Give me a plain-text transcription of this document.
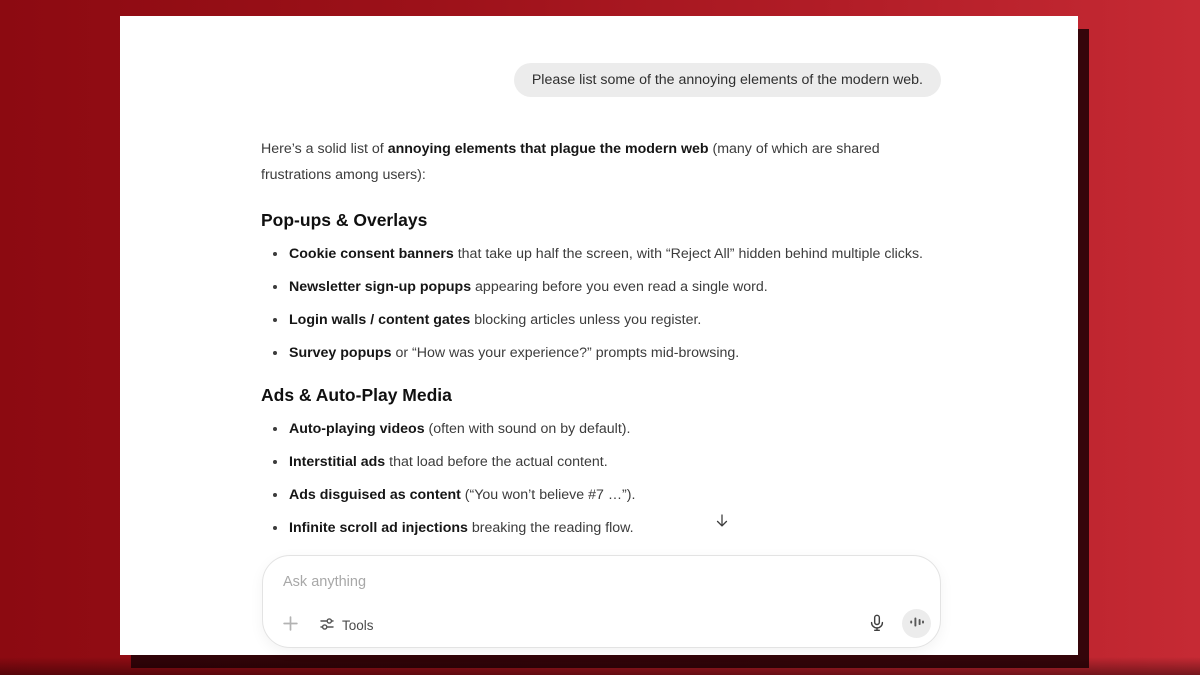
Please list some of the annoying elements of the modern web.

Here’s a solid list of annoying elements that plague the modern web (many of which are shared frustrations among users):

Pop-ups & Overlays
Cookie consent banners that take up half the screen, with “Reject All” hidden behind multiple clicks.
Newsletter sign-up popups appearing before you even read a single word.
Login walls / content gates blocking articles unless you register.
Survey popups or “How was your experience?” prompts mid-browsing.
Ads & Auto-Play Media
Auto-playing videos (often with sound on by default).
Interstitial ads that load before the actual content.
Ads disguised as content (“You won’t believe #7 …”).
Infinite scroll ad injections breaking the reading flow.
Ask anything
Tools
